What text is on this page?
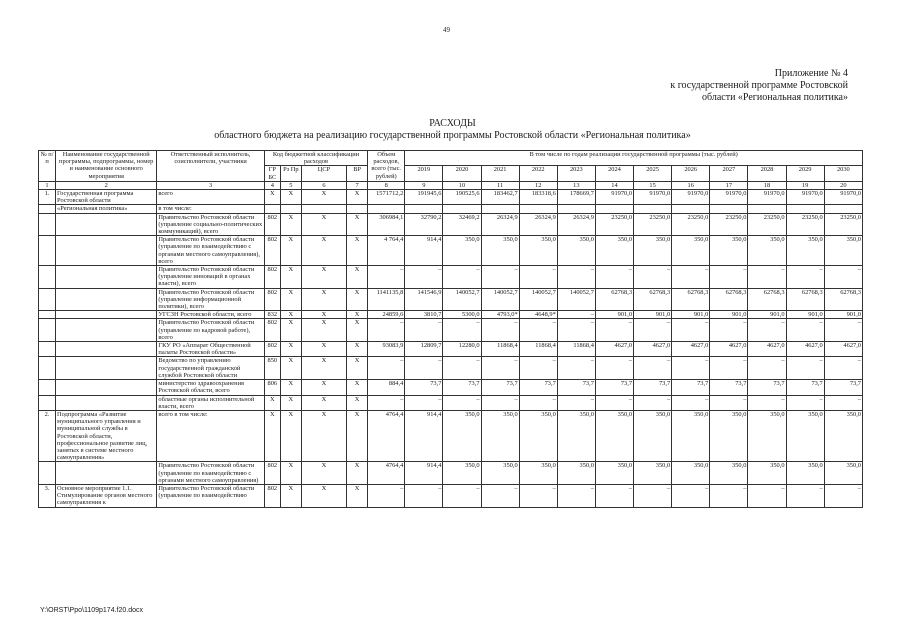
49
Приложение № 4
к государственной программе Ростовской
области «Региональная политика»
РАСХОДЫ
областного бюджета на реализацию государственной программы Ростовской области «Региональная политика»
№ п/п	Наименование государственной программы, подпрограммы, номер и наименование основного мероприятия	Ответственный исполнитель, соисполнители, участники	Код бюджетной классификации расходов				Объем расходов, всего (тыс. рублей)	В том числе по годам реализации государственной программы (тыс. рублей)											
			ГР БС	Рз Пр	ЦСР	ВР		2019	2020	2021	2022	2023	2024	2025	2026	2027	2028	2029	2030
1	2	3	4	5	6	7	8	9	10	11	12	13	14	15	16	17	18	19	20
1.	Государственная программа Ростовской области	всего	Х	Х	Х	Х	1571712,2	191945,6	190525,6	183462,7	183318,6	178669,7	91970,0	91970,0	91970,0	91970,0	91970,0	91970,0	91970,0
	«Региональная политика»	в том числе:																	
		Правительство Ростовской области (управление социально-политических коммуникаций), всего	802	Х	Х	Х	306984,1	32790,2	32469,2	26324,9	26324,9	26324,9	23250,0	23250,0	23250,0	23250,0	23250,0	23250,0	23250,0
		Правительство Ростовской области (управление по взаимодействию с органами местного самоуправления), всего	802	Х	Х	Х	4 764,4	914,4	350,0	350,0	350,0	350,0	350,0	350,0	350,0	350,0	350,0	350,0	350,0
		Правительство Ростовской области (управление инноваций в органах власти), всего	802	Х	Х	Х	–	–	–	–	–	–	–	–	–	–	–	–	–
		Правительство Ростовской области (управление информационной политики), всего	802	Х	Х	Х	1141135,8	141546,9	140052,7	140052,7	140052,7	140052,7	62768,3	62768,3	62768,3	62768,3	62768,3	62768,3	62768,3
		УГСЗН Ростовской области, всего	832	Х	Х	Х	24859,6	3810,7	5300,0	4793,0*	4648,9*	–	901,0	901,0	901,0	901,0	901,0	901,0	901,0
		Правительство Ростовской области (управление по кадровой работе), всего	802	Х	Х	Х	–	–	–	–	–	–	–	–	–	–	–	–	–
		ГКУ РО «Аппарат Общественной палаты Ростовской области»	802	Х	Х	Х	93083,9	12809,7	12280,0	11868,4	11868,4	11868,4	4627,0	4627,0	4627,0	4627,0	4627,0	4627,0	4627,0
		Ведомство по управлению государственной гражданской службой Ростовской области	850	Х	Х	Х	–	–	–	–	–	–	–	–	–	–	–	–	–
		министерство здравоохранения Ростовской области, всего	806	Х	Х	Х	884,4	73,7	73,7	73,7	73,7	73,7	73,7	73,7	73,7	73,7	73,7	73,7	73,7
		областные органы исполнительной власти, всего	Х	Х	Х	Х	–	–	–	–	–	–	–	–	–	–	–	–	–
2.	Подпрограмма «Развитие муниципального управления и муниципальной службы в Ростовской области, профессиональное развитие лиц, занятых в системе местного самоуправления»	всего в том числе:	Х	Х	Х	Х	4764,4	914,4	350,0	350,0	350,0	350,0	350,0	350,0	350,0	350,0	350,0	350,0	350,0
		Правительство Ростовской области (управление по взаимодействию с органами местного самоуправления)	802	Х	Х	Х	4764,4	914,4	350,0	350,0	350,0	350,0	350,0	350,0	350,0	350,0	350,0	350,0	350,0
3.	Основное мероприятие 1.1. Стимулирование органов местного самоуправления к	Правительство Ростовской области (управление по взаимодействию	802	Х	Х	Х	–	–	–	–	–	–	–	–	–	–	–	–	–
Y:\ORST\Ppo\1109p174.f20.docx
